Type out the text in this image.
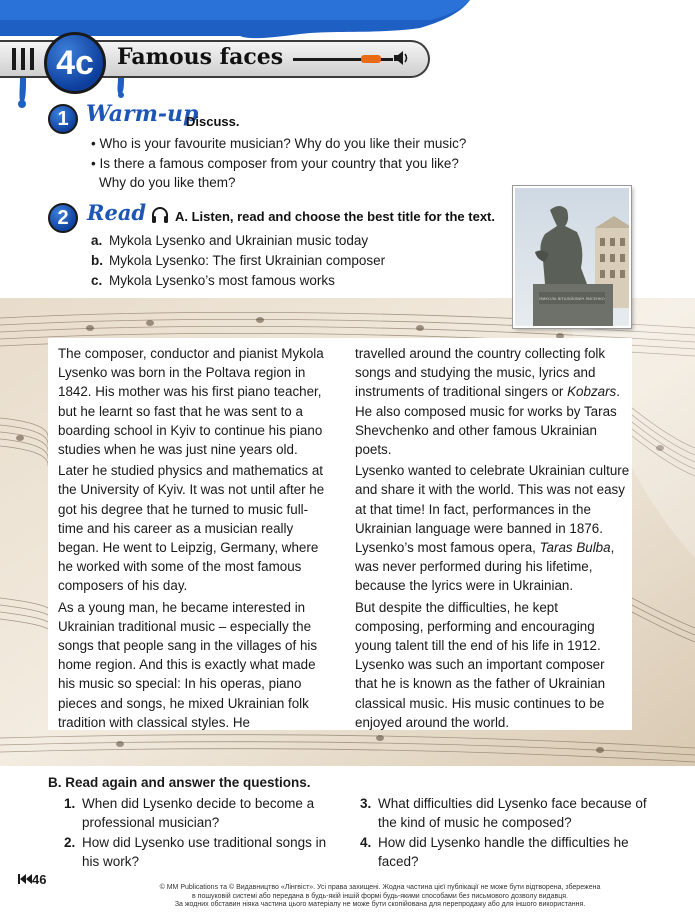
4c	Famous faces
1 Warm-up
Discuss.
• Who is your favourite musician? Why do you like their music?
• Is there a famous composer from your country that you like?
Why do you like them?
2 Read A. Listen, read and choose the best title for the text.
a. Mykola Lysenko and Ukrainian music today
b. Mykola Lysenko: The first Ukrainian composer
c. Mykola Lysenko’s most famous works
МИКОЛА ВІТАЛІЙОВИЧ ЛИСЕНКО

The composer, conductor and pianist Mykola Lysenko was born in the Poltava region in 1842. His mother was his first piano teacher, but he learnt so fast that he was sent to a boarding school in Kyiv to continue his piano studies when he was just nine years old.

Later he studied physics and mathematics at the University of Kyiv. It was not until after he got his degree that he turned to music full-time and his career as a musician really began. He went to Leipzig, Germany, where he worked with some of the most famous composers of his day.

As a young man, he became interested in Ukrainian traditional music – especially the songs that people sang in the villages of his home region. And this is exactly what made his music so special: In his operas, piano pieces and songs, he mixed Ukrainian folk tradition with classical styles. He

travelled around the country collecting folk songs and studying the music, lyrics and instruments of traditional singers or Kobzars. He also composed music for works by Taras Shevchenko and other famous Ukrainian poets.

Lysenko wanted to celebrate Ukrainian culture and share it with the world. This was not easy at that time! In fact, performances in the Ukrainian language were banned in 1876. Lysenko’s most famous opera, Taras Bulba, was never performed during his lifetime, because the lyrics were in Ukrainian.

But despite the difficulties, he kept composing, performing and encouraging young talent till the end of his life in 1912. Lysenko was such an important composer that he is known as the father of Ukrainian classical music. His music continues to be enjoyed around the world.

B. Read again and answer the questions.
1. When did Lysenko decide to become a professional musician?
2. How did Lysenko use traditional songs in his work?
3. What difficulties did Lysenko face because of the kind of music he composed?
4. How did Lysenko handle the difficulties he faced?
46
© MM Publications та © Видавництво «Лінгвіст». Усі права захищені. Жодна частина цієї публікації не може бути відтворена, збережена
в пошуковій системі або передана в будь-якій іншій формі будь-якими способами без письмового дозволу видавця.
За жодних обставин ніяка частина цього матеріалу не може бути скопійована для перепродажу або для іншого використання.
